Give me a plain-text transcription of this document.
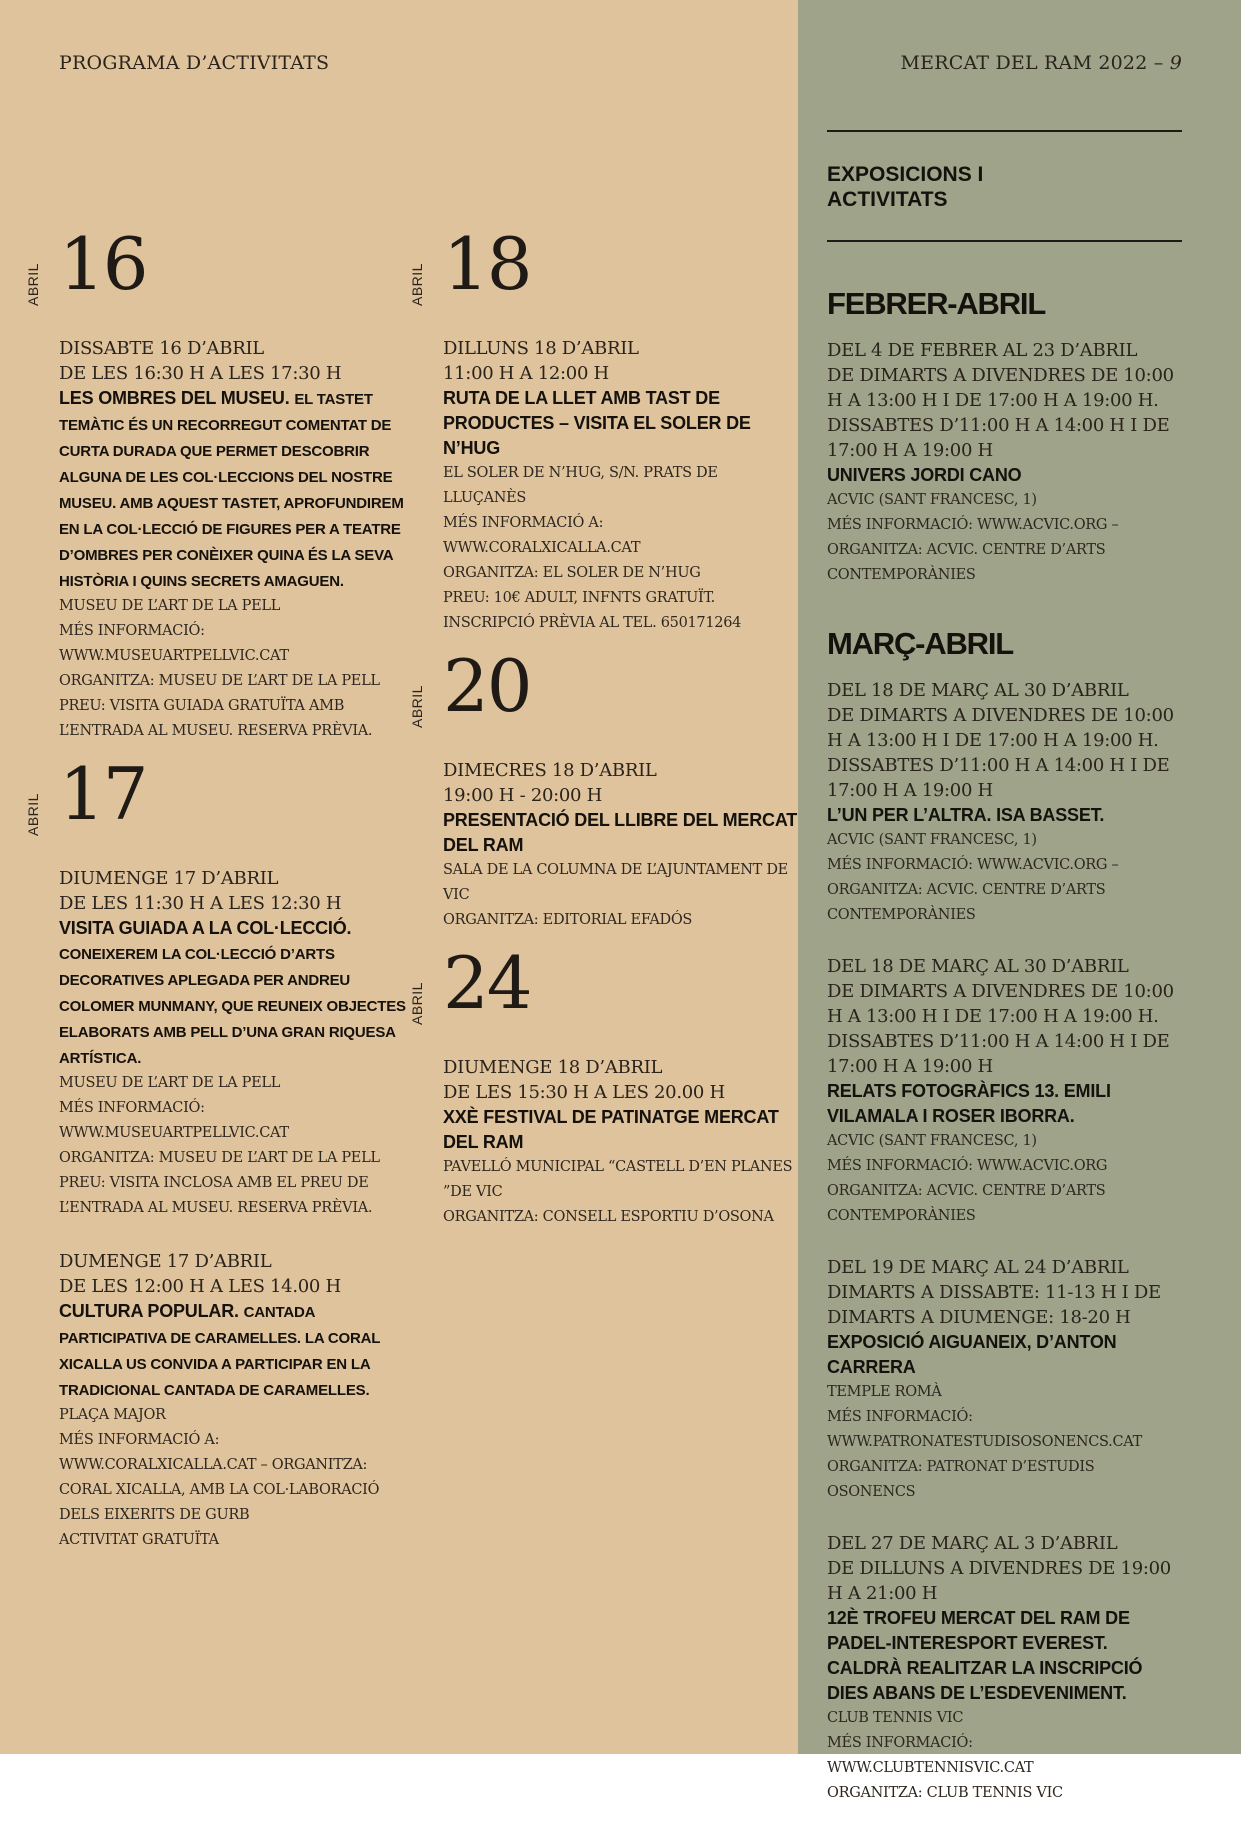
PROGRAMA D’ACTIVITATS	MERCAT DEL RAM 2022 – 9
ABRIL 16
DISSABTE 16 D’ABRIL
DE LES 16:30 H A LES 17:30 H
LES OMBRES DEL MUSEU. EL TASTET TEMÀTIC ÉS UN RECORREGUT COMENTAT DE CURTA DURADA QUE PERMET DESCOBRIR ALGUNA DE LES COL·LECCIONS DEL NOSTRE MUSEU. AMB AQUEST TASTET, APROFUNDIREM EN LA COL·LECCIÓ DE FIGURES PER A TEATRE D’OMBRES PER CONÈIXER QUINA ÉS LA SEVA HISTÒRIA I QUINS SECRETS AMAGUEN.
MUSEU DE L’ART DE LA PELL
MÉS INFORMACIÓ: WWW.MUSEUARTPELLVIC.CAT
ORGANITZA: MUSEU DE L’ART DE LA PELL
PREU: VISITA GUIADA GRATUÏTA AMB L’ENTRADA AL MUSEU. RESERVA PRÈVIA.
ABRIL 17
DIUMENGE 17 D’ABRIL
DE LES 11:30 H A LES 12:30 H
VISITA GUIADA A LA COL·LECCIÓ. CONEIXEREM LA COL·LECCIÓ D’ARTS DECORATIVES APLEGADA PER ANDREU COLOMER MUNMANY, QUE REUNEIX OBJECTES ELABORATS AMB PELL D’UNA GRAN RIQUESA ARTÍSTICA.
MUSEU DE L’ART DE LA PELL
MÉS INFORMACIÓ: WWW.MUSEUARTPELLVIC.CAT
ORGANITZA: MUSEU DE L’ART DE LA PELL
PREU: VISITA INCLOSA AMB EL PREU DE L’ENTRADA AL MUSEU. RESERVA PRÈVIA.
DUMENGE 17 D’ABRIL
DE LES 12:00 H A LES 14.00 H
CULTURA POPULAR. CANTADA PARTICIPATIVA DE CARAMELLES. LA CORAL XICALLA US CONVIDA A PARTICIPAR EN LA TRADICIONAL CANTADA DE CARAMELLES.
PLAÇA MAJOR
MÉS INFORMACIÓ A: WWW.CORALXICALLA.CAT – ORGANITZA: CORAL XICALLA, AMB LA COL·LABORACIÓ DELS EIXERITS DE GURB
ACTIVITAT GRATUÏTA
ABRIL 18
DILLUNS 18 D’ABRIL
11:00 H A 12:00 H
RUTA DE LA LLET AMB TAST DE PRODUCTES – VISITA EL SOLER DE N’HUG
EL SOLER DE N’HUG, S/N. PRATS DE LLUÇANÈS
MÉS INFORMACIÓ A: WWW.CORALXICALLA.CAT
ORGANITZA: EL SOLER DE N’HUG
PREU: 10€ ADULT, INFNTS GRATUÏT. INSCRIPCIÓ PRÈVIA AL TEL. 650171264
ABRIL 20
DIMECRES 18 D’ABRIL
19:00 H - 20:00 H
PRESENTACIÓ DEL LLIBRE DEL MERCAT DEL RAM
SALA DE LA COLUMNA DE L’AJUNTAMENT DE VIC
ORGANITZA: EDITORIAL EFADÓS
ABRIL 24
DIUMENGE 18 D’ABRIL
DE LES 15:30 H A LES 20.00 H
XXÈ FESTIVAL DE PATINATGE MERCAT DEL RAM
PAVELLÓ MUNICIPAL “CASTELL D’EN PLANES ”DE VIC
ORGANITZA: CONSELL ESPORTIU D’OSONA
EXPOSICIONS I ACTIVITATS
FEBRER-ABRIL
DEL 4 DE FEBRER AL 23 D’ABRIL
DE DIMARTS A DIVENDRES DE 10:00 H A 13:00 H I DE 17:00 H A 19:00 H. DISSABTES D’11:00 H A 14:00 H I DE 17:00 H A 19:00 H
UNIVERS JORDI CANO
ACVIC (SANT FRANCESC, 1)
MÉS INFORMACIÓ: WWW.ACVIC.ORG – ORGANITZA: ACVIC. CENTRE D’ARTS CONTEMPORÀNIES
MARÇ-ABRIL
DEL 18 DE MARÇ AL 30 D’ABRIL
DE DIMARTS A DIVENDRES DE 10:00 H A 13:00 H I DE 17:00 H A 19:00 H. DISSABTES D’11:00 H A 14:00 H I DE 17:00 H A 19:00 H
L’UN PER L’ALTRA. ISA BASSET.
ACVIC (SANT FRANCESC, 1)
MÉS INFORMACIÓ: WWW.ACVIC.ORG – ORGANITZA: ACVIC. CENTRE D’ARTS CONTEMPORÀNIES
DEL 18 DE MARÇ AL 30 D’ABRIL
DE DIMARTS A DIVENDRES DE 10:00 H A 13:00 H I DE 17:00 H A 19:00 H. DISSABTES D’11:00 H A 14:00 H I DE 17:00 H A 19:00 H
RELATS FOTOGRÀFICS 13. EMILI VILAMALA I ROSER IBORRA.
ACVIC (SANT FRANCESC, 1)
MÉS INFORMACIÓ: WWW.ACVIC.ORG
ORGANITZA: ACVIC. CENTRE D’ARTS CONTEMPORÀNIES
DEL 19 DE MARÇ AL 24 D’ABRIL
DIMARTS A DISSABTE: 11-13 H I DE DIMARTS A DIUMENGE: 18-20 H
EXPOSICIÓ AIGUANEIX, D’ANTON CARRERA
TEMPLE ROMÀ
MÉS INFORMACIÓ:
WWW.PATRONATESTUDISOSONENCS.CAT
ORGANITZA: PATRONAT D’ESTUDIS OSONENCS
DEL 27 DE MARÇ AL 3 D’ABRIL
DE DILLUNS A DIVENDRES DE 19:00 H A 21:00 H
12È TROFEU MERCAT DEL RAM DE PADEL-INTERESPORT EVEREST. CALDRÀ REALITZAR LA INSCRIPCIÓ DIES ABANS DE L’ESDEVENIMENT.
CLUB TENNIS VIC
MÉS INFORMACIÓ: WWW.CLUBTENNISVIC.CAT
ORGANITZA: CLUB TENNIS VIC
